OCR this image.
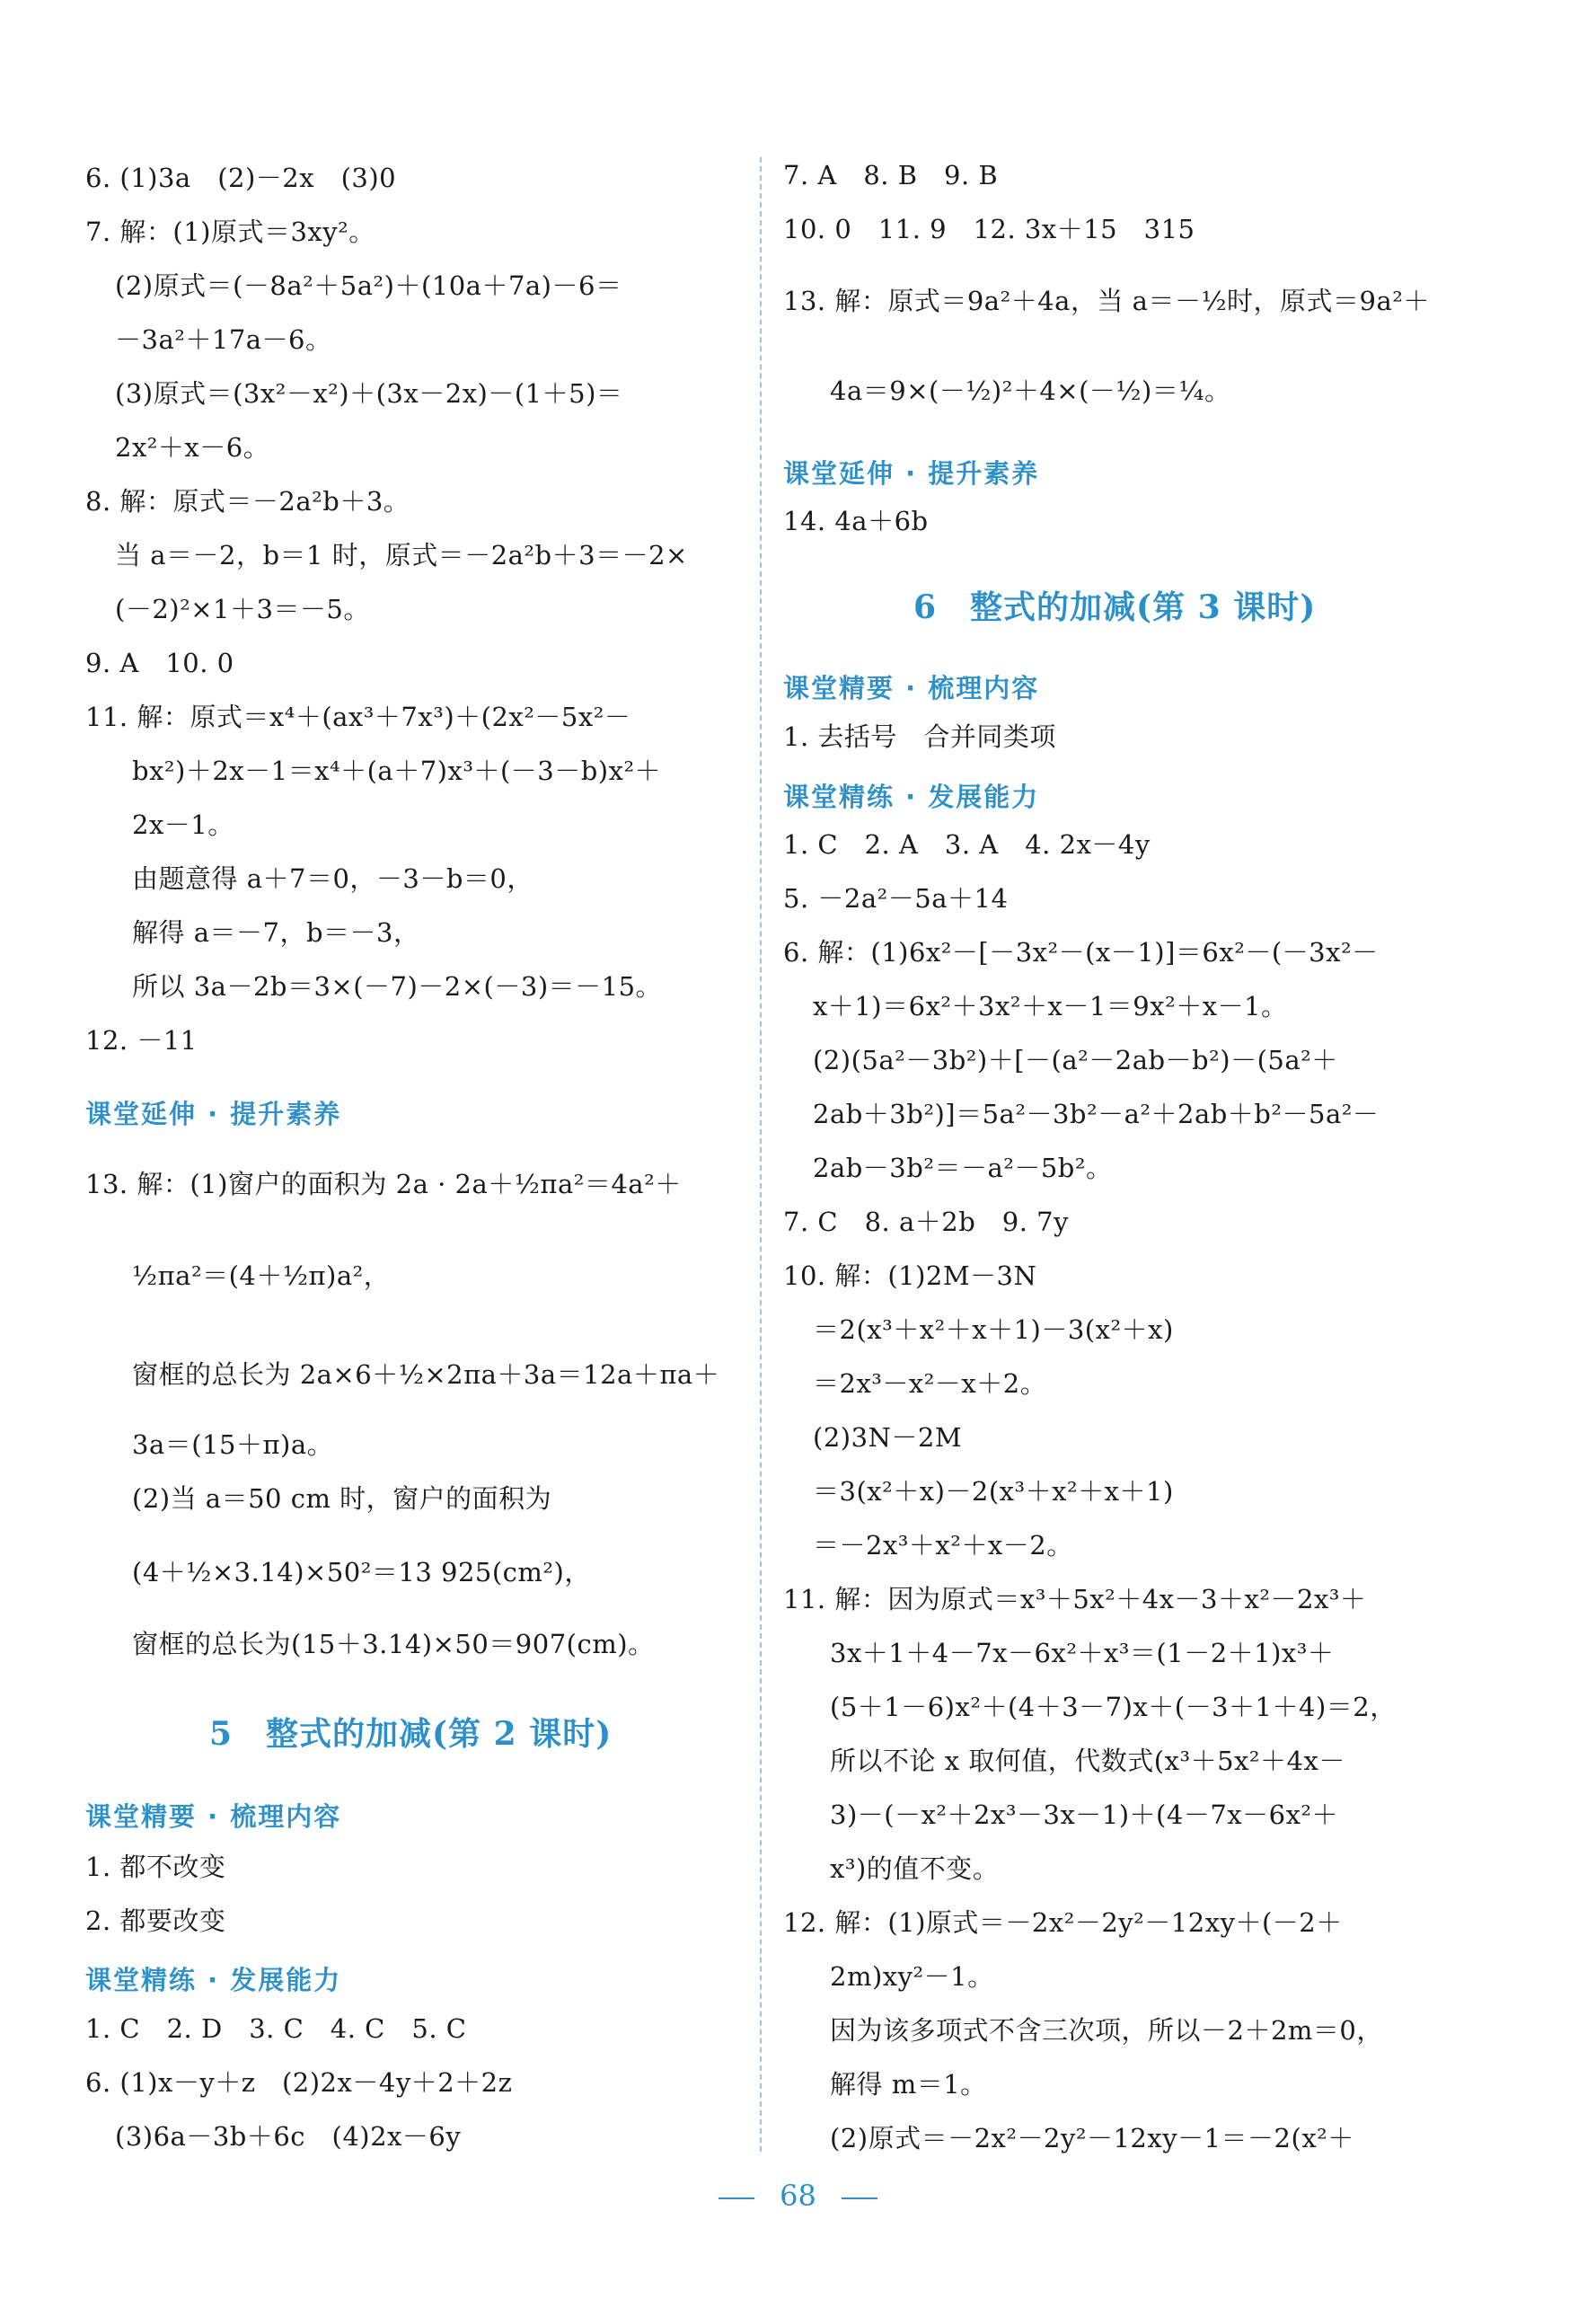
6. (1)3a　(2)－2x　(3)0
7. 解：(1)原式＝3xy²。
(2)原式＝(－8a²＋5a²)＋(10a＋7a)－6＝
－3a²＋17a－6。
(3)原式＝(3x²－x²)＋(3x－2x)－(1＋5)＝
2x²＋x－6。
8. 解：原式＝－2a²b＋3。
当 a＝－2，b＝1 时，原式＝－2a²b＋3＝－2×
(－2)²×1＋3＝－5。
9. A　10. 0
11. 解：原式＝x⁴＋(ax³＋7x³)＋(2x²－5x²－
bx²)＋2x－1＝x⁴＋(a＋7)x³＋(－3－b)x²＋
2x－1。
由题意得 a＋7＝0，－3－b＝0，
解得 a＝－7，b＝－3，
所以 3a－2b＝3×(－7)－2×(－3)＝－15。
12. －11
课堂延伸 · 提升素养
13. 解：(1)窗户的面积为 2a · 2a＋½πa²＝4a²＋
½πa²＝(4＋½π)a²，
窗框的总长为 2a×6＋½×2πa＋3a＝12a＋πa＋
3a＝(15＋π)a。
(2)当 a＝50 cm 时，窗户的面积为
(4＋½×3.14)×50²＝13 925(cm²)，
窗框的总长为(15＋3.14)×50＝907(cm)。
5　整式的加减(第 2 课时)
课堂精要 · 梳理内容
1. 都不改变
2. 都要改变
课堂精练 · 发展能力
1. C　2. D　3. C　4. C　5. C
6. (1)x－y＋z　(2)2x－4y＋2＋2z
(3)6a－3b＋6c　(4)2x－6y
7. A　8. B　9. B
10. 0　11. 9　12. 3x＋15　315
13. 解：原式＝9a²＋4a，当 a＝－½时，原式＝9a²＋
4a＝9×(－½)²＋4×(－½)＝¼。
课堂延伸 · 提升素养
14. 4a＋6b
6　整式的加减(第 3 课时)
课堂精要 · 梳理内容
1. 去括号　合并同类项
课堂精练 · 发展能力
1. C　2. A　3. A　4. 2x－4y
5. －2a²－5a＋14
6. 解：(1)6x²－[－3x²－(x－1)]＝6x²－(－3x²－
x＋1)＝6x²＋3x²＋x－1＝9x²＋x－1。
(2)(5a²－3b²)＋[－(a²－2ab－b²)－(5a²＋
2ab＋3b²)]＝5a²－3b²－a²＋2ab＋b²－5a²－
2ab－3b²＝－a²－5b²。
7. C　8. a＋2b　9. 7y
10. 解：(1)2M－3N
＝2(x³＋x²＋x＋1)－3(x²＋x)
＝2x³－x²－x＋2。
(2)3N－2M
＝3(x²＋x)－2(x³＋x²＋x＋1)
＝－2x³＋x²＋x－2。
11. 解：因为原式＝x³＋5x²＋4x－3＋x²－2x³＋
3x＋1＋4－7x－6x²＋x³＝(1－2＋1)x³＋
(5＋1－6)x²＋(4＋3－7)x＋(－3＋1＋4)＝2，
所以不论 x 取何值，代数式(x³＋5x²＋4x－
3)－(－x²＋2x³－3x－1)＋(4－7x－6x²＋
x³)的值不变。
12. 解：(1)原式＝－2x²－2y²－12xy＋(－2＋
2m)xy²－1。
因为该多项式不含三次项，所以－2＋2m＝0，
解得 m＝1。
(2)原式＝－2x²－2y²－12xy－1＝－2(x²＋
68
